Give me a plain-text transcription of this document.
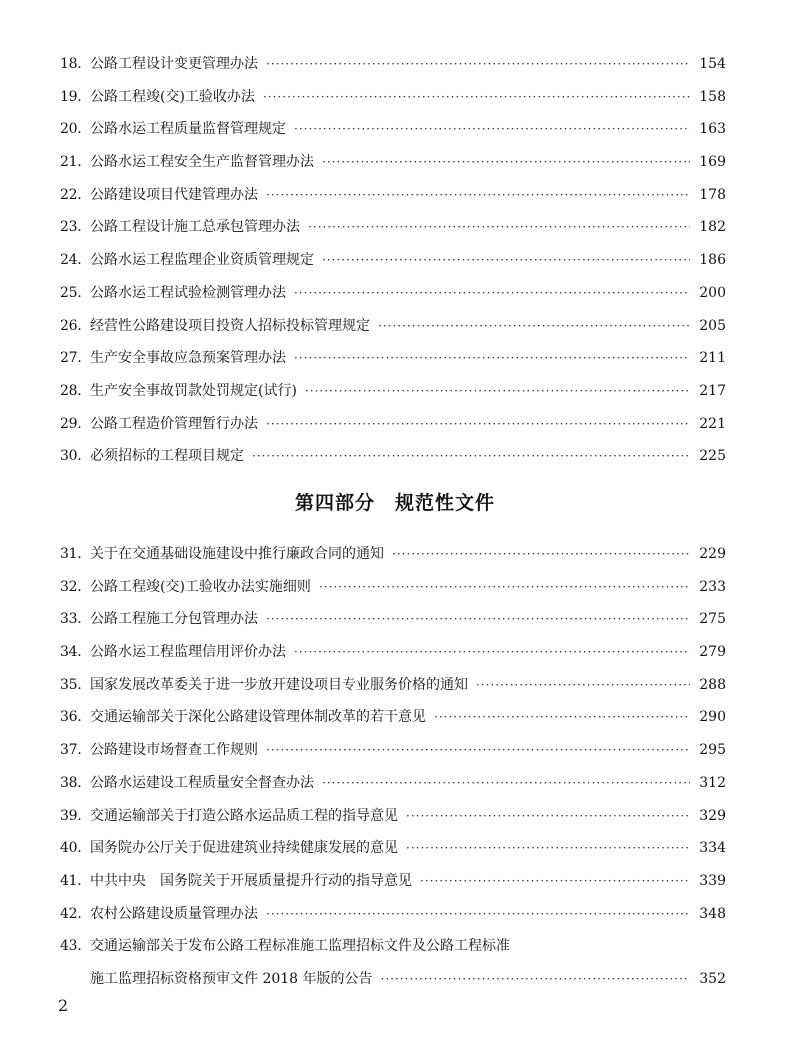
18. 公路工程设计变更管理办法 ·····	154
19. 公路工程竣(交)工验收办法 ·····	158
20. 公路水运工程质量监督管理规定 ·····	163
21. 公路水运工程安全生产监督管理办法 ·····	169
22. 公路建设项目代建管理办法 ·····	178
23. 公路工程设计施工总承包管理办法 ·····	182
24. 公路水运工程监理企业资质管理规定 ·····	186
25. 公路水运工程试验检测管理办法 ·····	200
26. 经营性公路建设项目投资人招标投标管理规定 ·····	205
27. 生产安全事故应急预案管理办法 ·····	211
28. 生产安全事故罚款处罚规定(试行) ·····	217
29. 公路工程造价管理暂行办法 ·····	221
30. 必须招标的工程项目规定 ·····	225
第四部分　规范性文件
31. 关于在交通基础设施建设中推行廉政合同的通知 ·····	229
32. 公路工程竣(交)工验收办法实施细则 ·····	233
33. 公路工程施工分包管理办法 ·····	275
34. 公路水运工程监理信用评价办法 ·····	279
35. 国家发展改革委关于进一步放开建设项目专业服务价格的通知 ·····	288
36. 交通运输部关于深化公路建设管理体制改革的若干意见 ·····	290
37. 公路建设市场督查工作规则 ·····	295
38. 公路水运建设工程质量安全督查办法 ·····	312
39. 交通运输部关于打造公路水运品质工程的指导意见 ·····	329
40. 国务院办公厅关于促进建筑业持续健康发展的意见 ·····	334
41. 中共中央　国务院关于开展质量提升行动的指导意见 ·····	339
42. 农村公路建设质量管理办法 ·····	348
43. 交通运输部关于发布公路工程标准施工监理招标文件及公路工程标准
施工监理招标资格预审文件 2018 年版的公告 ·····	352
2
